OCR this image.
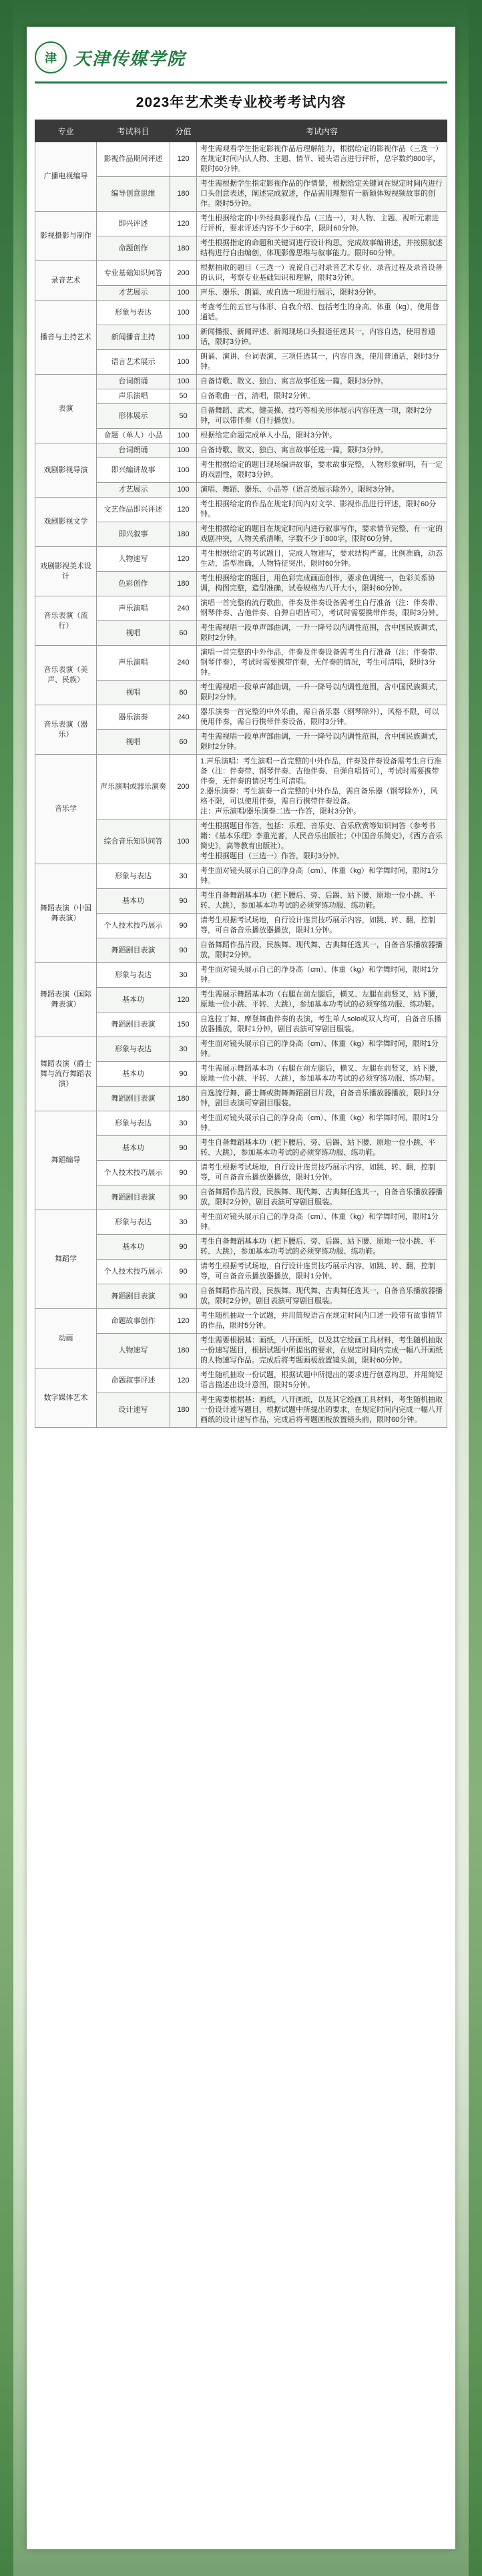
津 天津传媒学院
2023年艺术类专业校考考试内容
专业	考试科目	分值	考试内容
广播电视编导	影视作品期间评述	120	考生需观看学生指定影视作品后理解能力，根据给定的影视作品（三选一）在规定时间内认人物、主题、情节、镜头语言进行评析，总字数约800字，限时60分钟。
	编导创意思维	180	考生需根据学生指定影视作品的作情景，根据给定关键词在规定时间内进行口头创意表述，阐述完成叙述，作品需用理想有一新颖体短视频故事的创作。限时5分钟。
影视摄影与制作	即兴评述	120	考生根据给定的中外经典影视作品（三选一），对人物、主题、视听元素进行评析，要求评述内容不少于60字，限时60分钟。
	命题创作	180	考生根据指定的命题和关键词进行设计构思，完成故事编讲述，并按照叙述结构进行自由编创，体现影像思维与叙事能力。限时60分钟。
录音艺术	专业基础知识问答	200	根据抽取的题目（三选一）说说自己对录音艺术专业、录音过程及录音设备的认识，考察专业基础知识和理解，限时3分钟。
	才艺展示	100	声乐、器乐、朗诵、或自选一项进行展示，限时3分钟。
播音与主持艺术	形象与表达	100	考查考生的五官与体形、自我介绍、包括考生的身高、体重（kg），使用普通话。
	新闻播音主持	100	新闻播报、新闻评述、新闻现场口头报道任选其一，内容自选，使用普通话，限时3分钟。
	语言艺术展示	100	朗诵、演讲、台词表演、三项任选其一，内容自选，使用普通话，限时3分钟。
表演	台词朗诵	100	自备诗歌、散文、独白、寓言故事任选一篇，限时3分钟。
	声乐演唱	50	自备歌曲一首，清唱，限时2分钟。
	形体展示	50	自备舞蹈、武术、健美操、技巧等相关形体展示内容任选一项，限时2分钟，可以带伴奏（自行播放）。
	命题（单人）小品	100	根据给定命题完成单人小品，限时3分钟。
戏剧影视导演	台词朗诵	100	自备诗歌、散文、独白、寓言故事任选一篇，限时3分钟。
	即兴编讲故事	100	考生根据给定的题目现场编讲故事，要求故事完整，人物形象鲜明，有一定的戏剧性，限时3分钟。
	才艺展示	100	演唱、舞蹈、器乐、小品等（语言类展示除外），限时3分钟。
戏剧影视文学	文艺作品即兴评述	120	考生根据给定的作品在规定时间内对文学、影视作品进行评述，限时60分钟。
	即兴叙事	180	考生根据给定的题目在规定时间内进行叙事写作，要求情节完整、有一定的戏剧冲突，人物关系清晰，字数不少于800字，限时60分钟。
戏剧影视美术设计	人物速写	120	考生根据给定的考试题目，完成人物速写，要求结构严谨，比例准确，动态生动，造型准确，人物特征突出，限时60分钟。
	色彩创作	180	考生根据给定的题目，用色彩完成画面创作，要求色调统一，色彩关系协调，构图完整，造型准确，试卷规格为八开大小，限时60分钟。
音乐表演（流行）	声乐演唱	240	演唱一首完整的流行歌曲，伴奏及伴奏设备需考生自行准备（注：伴奏带、钢琴伴奏、吉他伴奏、自弹自唱皆可），考试时需要携带伴奏，限时3分钟。
	视唱	60	考生需视唱一段单声部曲调，一升一降号以内调性范围，含中国民族调式，限时2分钟。
音乐表演（美声、民族）	声乐演唱	240	演唱一首完整的中外作品，伴奏及伴奏设备需考生自行准备（注：伴奏带、钢琴伴奏），考试时需要携带伴奏，无伴奏的情况，考生可清唱，限时3分钟。
	视唱	60	考生需视唱一段单声部曲调，一升一降号以内调性范围，含中国民族调式，限时2分钟。
音乐表演（器乐）	器乐演奏	240	器乐演奏一首完整的中外乐曲，需自备乐器（钢琴除外），风格不限，可以使用伴奏，需自行携带伴奏设备，限时3分钟。
	视唱	60	考生需视唱一段单声部曲调，一升一降号以内调性范围，含中国民族调式，限时2分钟。
音乐学	声乐演唱或器乐演奏	200	1.声乐演唱：考生演唱一首完整的中外作品，伴奏及伴奏设备需考生自行准备（注：伴奏带、钢琴伴奏、吉他伴奏、自弹自唱皆可），考试时需要携带伴奏，无伴奏的情况考生可清唱。
2.器乐演奏：考生演奏一首完整的中外作品，需自备乐器（钢琴除外），风格不限，可以使用伴奏，需自行携带伴奏设备。
注：声乐演唱/器乐演奏二选一作答，限时3分钟。
	综合音乐知识问答	100	考生根据题目作答，包括：乐理、音乐史、音乐欣赏等知识问答（参考书籍：《基本乐理》李重光著，人民音乐出版社；《中国音乐简史》，《西方音乐简史》，高等教育出版社）。
考生根据题目（三选一）作答，限时3分钟。
舞蹈表演（中国舞表演）	形象与表达	30	考生面对镜头展示自己的净身高（cm）、体重（kg）和学舞时间，限时1分钟。
	基本功	90	考生自备舞蹈基本功（把下腰后、旁、后踢、站下腰、原地一位小跳、平转、大跳），参加基本功考试的必须穿练功服、练功鞋。
	个人技术技巧展示	90	请考生根据考试场地，自行设计连贯技巧展示内容，如跳、转、翻，控制等，可自备音乐播放器播放，限时1分钟。
	舞蹈剧目表演	90	自备舞蹈作品片段，民族舞、现代舞、古典舞任选其一，自备音乐播放器播放，限时2分钟。
舞蹈表演（国际舞表演）	形象与表达	30	考生面对镜头展示自己的净身高（cm）、体重（kg）和学舞时间，限时1分钟。
	基本功	120	考生需展示舞蹈基本功（右腿在前左腿后，横叉、左腿在前竖叉，站下腰，原地一位小跳、平转、大跳），参加基本功考试的必须穿练功服、练功鞋。
	舞蹈剧目表演	150	自选拉丁舞、摩登舞曲伴奏的表演，考生单人solo或双人均可，自备音乐播放器播放，限时1分钟，剧目表演可穿剧目服装。
舞蹈表演（爵士舞与流行舞蹈表演）	形象与表达	30	考生面对镜头展示自己的净身高（cm）、体重（kg）和学舞时间，限时1分钟。
	基本功	90	考生需展示舞蹈基本功（右腿在前左腿后，横叉、左腿在前竖叉，站下腰，原地一位小跳、平转、大跳），参加基本功考试的必须穿练功服、练功鞋。
	舞蹈剧目表演	180	自选流行舞、爵士舞或街舞舞蹈剧目片段，自备音乐播放器播放，限时1分钟，剧目表演可穿剧目服装。
舞蹈编导	形象与表达	30	考生面对镜头展示自己的净身高（cm）、体重（kg）和学舞时间，限时1分钟。
	基本功	90	考生自备舞蹈基本功（把下腰后、旁、后踢、站下腰、原地一位小跳、平转、大跳），参加基本功考试的必须穿练功服、练功鞋。
	个人技术技巧展示	90	请考生根据考试场地，自行设计连贯技巧展示内容，如跳、转、翻，控制等，可自备音乐播放器播放，限时1分钟。
	舞蹈剧目表演	90	自备舞蹈作品片段，民族舞、现代舞、古典舞任选其一，自备音乐播放器播放，限时2分钟，剧目表演可穿剧目服装。
舞蹈学	形象与表达	30	考生面对镜头展示自己的净身高（cm）、体重（kg）和学舞时间，限时1分钟。
	基本功	90	考生自备舞蹈基本功（把下腰后、旁、后踢、站下腰、原地一位小跳、平转、大跳），参加基本功考试的必须穿练功服、练功鞋。
	个人技术技巧展示	90	请考生根据考试场地，自行设计连贯技巧展示内容，如跳、转、翻，控制等，可自备音乐播放器播放，限时1分钟。
	舞蹈剧目表演	90	自备舞蹈作品片段，民族舞、现代舞、古典舞任选其一，自备音乐播放器播放，限时2分钟，剧目表演可穿剧目服装。
动画	命题故事创作	120	考生随机抽取一个试题，并用简短语言在规定时间内口述一段带有故事情节的作品，限时5分钟。
	人物速写	180	考生需要根据基：画纸，八开画纸，以及其它绘画工具材料，考生随机抽取一份速写题目，根据试题中所提出的要求，在规定时间内完成一幅八开画纸的人物速写作品。完成后将考题画板放置镜头前，限时60分钟。
数字媒体艺术	命题叙事评述	120	考生随机抽取一份试题，根据试题中所提出的要求进行创意构思，并用简短语言描述出设计意图，限时5分钟。
	设计速写	180	考生需要根据基：画纸，八开画纸，以及其它绘画工具材料，考生随机抽取一份设计速写题目，根据试题中所提出的要求，在规定时间内完成一幅八开画纸的设计速写作品，完成后将考题画板放置镜头前，限时60分钟。
